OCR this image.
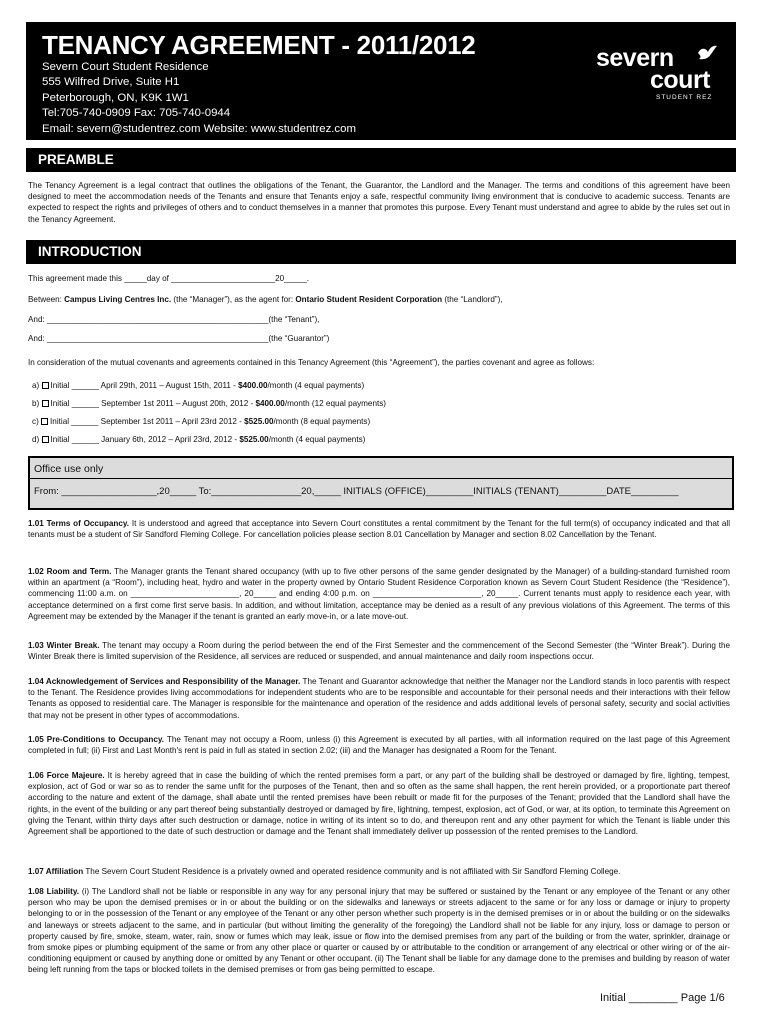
TENANCY AGREEMENT - 2011/2012
Severn Court Student Residence
555 Wilfred Drive, Suite H1
Peterborough, ON, K9K 1W1
Tel:705-740-0909 Fax: 705-740-0944
Email: severn@studentrez.com Website: www.studentrez.com
severn
court
STUDENT REZ
PREAMBLE
The Tenancy Agreement is a legal contract that outlines the obligations of the Tenant, the Guarantor, the Landlord and the Manager. The terms and conditions of this agreement have been designed to meet the accommodation needs of the Tenants and ensure that Tenants enjoy a safe, respectful community living environment that is conducive to academic success. Tenants are expected to respect the rights and privileges of others and to conduct themselves in a manner that promotes this purpose. Every Tenant must understand and agree to abide by the rules set out in the Tenancy Agreement.
INTRODUCTION
This agreement made this _____day of _______________________20_____.
Between: Campus Living Centres Inc. (the “Manager”), as the agent for: Ontario Student Resident Corporation (the “Landlord”),
And: _________________________________________________(the “Tenant”),
And: _________________________________________________(the “Guarantor”)
In consideration of the mutual covenants and agreements contained in this Tenancy Agreement (this “Agreement”), the parties covenant and agree as follows:
a) Initial ______ April 29th, 2011 – August 15th, 2011 - $400.00/month (4 equal payments)
b) Initial ______ September 1st 2011 – August 20th, 2012 - $400.00/month (12 equal payments)
c) Initial ______ September 1st 2011 – April 23rd 2012 - $525.00/month (8 equal payments)
d) Initial ______ January 6th, 2012 – April 23rd, 2012 - $525.00/month (4 equal payments)
Office use only
From: __________________,20_____ To:_________________20,_____ INITIALS (OFFICE)_________INITIALS (TENANT)_________DATE_________
1.01 Terms of Occupancy. It is understood and agreed that acceptance into Severn Court constitutes a rental commitment by the Tenant for the full term(s) of occupancy indicated and that all tenants must be a student of Sir Sandford Fleming College. For cancellation policies please section 8.01 Cancellation by Manager and section 8.02 Cancellation by the Tenant.
1.02 Room and Term. The Manager grants the Tenant shared occupancy (with up to five other persons of the same gender designated by the Manager) of a building-standard furnished room within an apartment (a “Room”), including heat, hydro and water in the property owned by Ontario Student Residence Corporation known as Severn Court Student Residence (the “Residence”), commencing 11:00 a.m. on ________________________, 20_____ and ending 4:00 p.m. on ________________________, 20_____. Current tenants must apply to residence each year, with acceptance determined on a first come first serve basis. In addition, and without limitation, acceptance may be denied as a result of any previous violations of this Agreement. The terms of this Agreement may be extended by the Manager if the tenant is granted an early move-in, or a late move-out.
1.03 Winter Break. The tenant may occupy a Room during the period between the end of the First Semester and the commencement of the Second Semester (the “Winter Break”). During the Winter Break there is limited supervision of the Residence, all services are reduced or suspended, and annual maintenance and daily room inspections occur.
1.04 Acknowledgement of Services and Responsibility of the Manager. The Tenant and Guarantor acknowledge that neither the Manager nor the Landlord stands in loco parentis with respect to the Tenant. The Residence provides living accommodations for independent students who are to be responsible and accountable for their personal needs and their interactions with their fellow Tenants as opposed to residential care. The Manager is responsible for the maintenance and operation of the residence and adds additional levels of personal safety, security and social activities that may not be present in other types of accommodations.
1.05 Pre-Conditions to Occupancy. The Tenant may not occupy a Room, unless (i) this Agreement is executed by all parties, with all information required on the last page of this Agreement completed in full; (ii) First and Last Month's rent is paid in full as stated in section 2.02; (iii) and the Manager has designated a Room for the Tenant.
1.06 Force Majeure. It is hereby agreed that in case the building of which the rented premises form a part, or any part of the building shall be destroyed or damaged by fire, lighting, tempest, explosion, act of God or war so as to render the same unfit for the purposes of the Tenant, then and so often as the same shall happen, the rent herein provided, or a proportionate part thereof according to the nature and extent of the damage, shall abate until the rented premises have been rebuilt or made fit for the purposes of the Tenant; provided that the Landlord shall have the rights, in the event of the building or any part thereof being substantially destroyed or damaged by fire, lightning, tempest, explosion, act of God, or war, at its option, to terminate this Agreement on giving the Tenant, within thirty days after such destruction or damage, notice in writing of its intent so to do, and thereupon rent and any other payment for which the Tenant is liable under this Agreement shall be apportioned to the date of such destruction or damage and the Tenant shall immediately deliver up possession of the rented premises to the Landlord.
1.07 Affiliation The Severn Court Student Residence is a privately owned and operated residence community and is not affiliated with Sir Sandford Fleming College.
1.08 Liability. (i) The Landlord shall not be liable or responsible in any way for any personal injury that may be suffered or sustained by the Tenant or any employee of the Tenant or any other person who may be upon the demised premises or in or about the building or on the sidewalks and laneways or streets adjacent to the same or for any loss or damage or injury to property belonging to or in the possession of the Tenant or any employee of the Tenant or any other person whether such property is in the demised premises or in or about the building or on the sidewalks and laneways or streets adjacent to the same, and in particular (but without limiting the generality of the foregoing) the Landlord shall not be liable for any injury, loss or damage to person or property caused by fire, smoke, steam, water, rain, snow or fumes which may leak, issue or flow into the demised premises from any part of the building or from the water, sprinkler, drainage or from smoke pipes or plumbing equipment of the same or from any other place or quarter or caused by or attributable to the condition or arrangement of any electrical or other wiring or of the air-conditioning equipment or caused by anything done or omitted by any Tenant or other occupant. (ii) The Tenant shall be liable for any damage done to the premises and building by reason of water being left running from the taps or blocked toilets in the demised premises or from gas being permitted to escape.
Initial ________ Page 1/6
